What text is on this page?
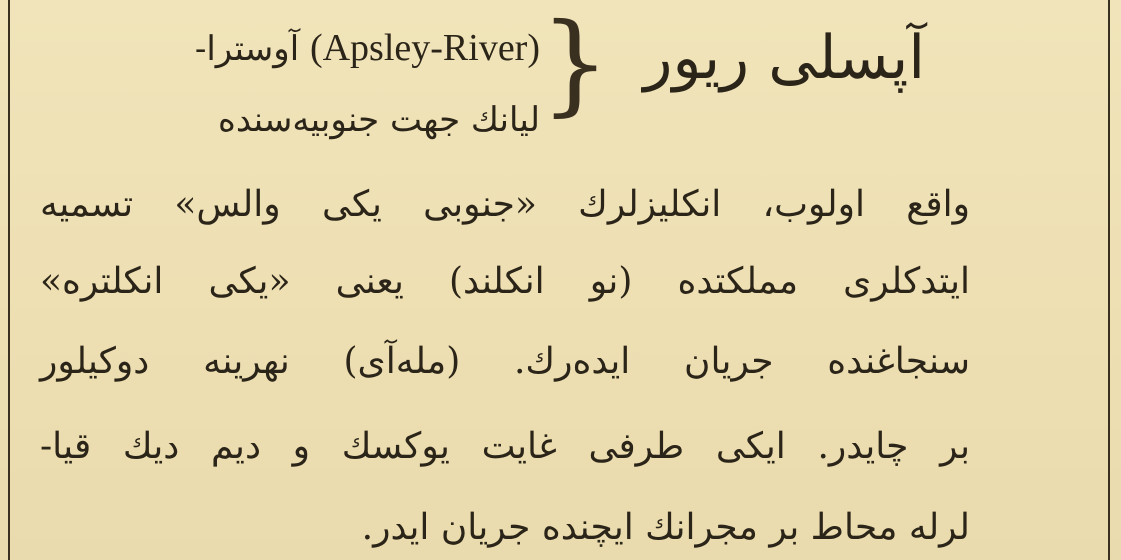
آپسلی ریور
}
(Apsley-River) آوسترا-
لیانك جهت جنوبیه‌سنده
واقع اولوب، انکلیزلرك «جنوبی یکی والس» تسمیه
ایتدکلری مملکتده (نو انکلند) یعنی «یکی انکلتره»
سنجاغنده جریان ایده‌رك. (مله‌آی) نهرینه دوکیلور
بر چایدر. ایکی طرفی غایت یوکسك و دیم دیك قیا-
لرله محاط بر مجرانك ایچنده جریان ایدر.
